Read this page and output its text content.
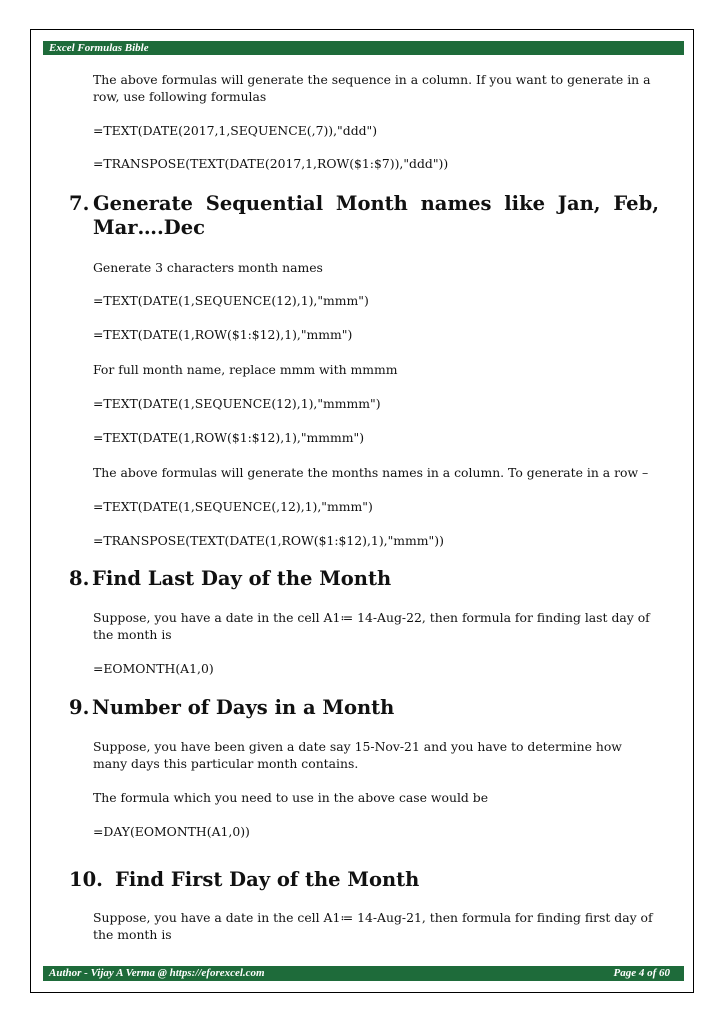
Excel Formulas Bible

The above formulas will generate the sequence in a column. If you want to generate in a row, use following formulas

=TEXT(DATE(2017,1,SEQUENCE(,7)),"ddd")

=TRANSPOSE(TEXT(DATE(2017,1,ROW($1:$7)),"ddd"))

7. Generate Sequential Month names like Jan, Feb,
Mar….Dec

Generate 3 characters month names

=TEXT(DATE(1,SEQUENCE(12),1),"mmm")

=TEXT(DATE(1,ROW($1:$12),1),"mmm")

For full month name, replace mmm with mmmm

=TEXT(DATE(1,SEQUENCE(12),1),"mmmm")

=TEXT(DATE(1,ROW($1:$12),1),"mmmm")

The above formulas will generate the months names in a column. To generate in a row –

=TEXT(DATE(1,SEQUENCE(,12),1),"mmm")

=TRANSPOSE(TEXT(DATE(1,ROW($1:$12),1),"mmm"))

8. Find Last Day of the Month

Suppose, you have a date in the cell A1≔ 14-Aug-22, then formula for finding last day of the month is

=EOMONTH(A1,0)

9. Number of Days in a Month

Suppose, you have been given a date say 15-Nov-21 and you have to determine how many days this particular month contains.

The formula which you need to use in the above case would be

=DAY(EOMONTH(A1,0))

10. Find First Day of the Month

Suppose, you have a date in the cell A1≔ 14-Aug-21, then formula for finding first day of the month is

Author - Vijay A Verma @ https://eforexcel.com	Page 4 of 60
